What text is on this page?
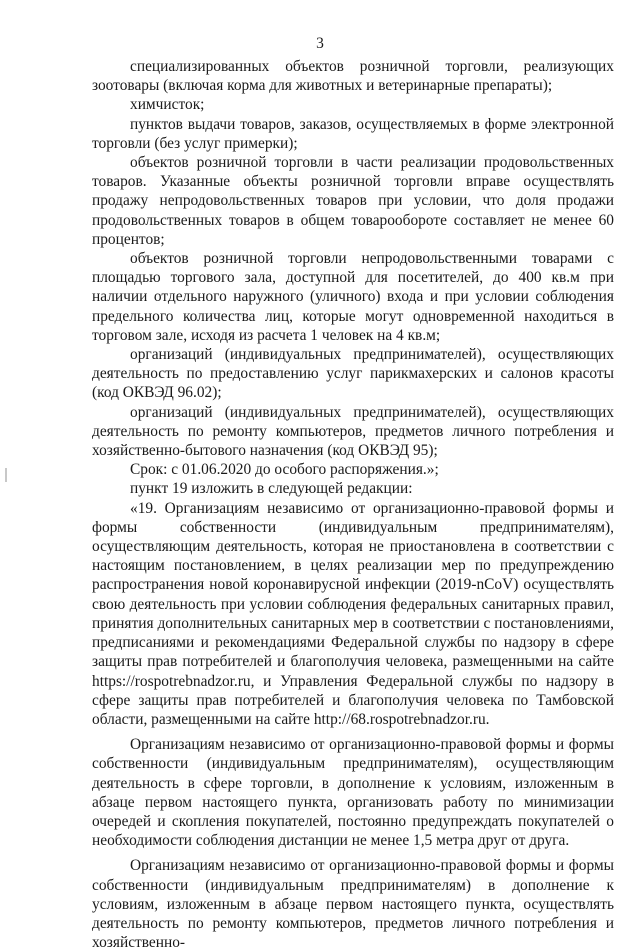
3

специализированных объектов розничной торговли, реализующих зоотовары (включая корма для животных и ветеринарные препараты);

химчисток;

пунктов выдачи товаров, заказов, осуществляемых в форме электронной торговли (без услуг примерки);

объектов розничной торговли в части реализации продовольственных товаров. Указанные объекты розничной торговли вправе осуществлять продажу непродовольственных товаров при условии, что доля продажи продовольственных товаров в общем товарообороте составляет не менее 60 процентов;

объектов розничной торговли непродовольственными товарами с площадью торгового зала, доступной для посетителей, до 400 кв.м при наличии отдельного наружного (уличного) входа и при условии соблюдения предельного количества лиц, которые могут одновременной находиться в торговом зале, исходя из расчета 1 человек на 4 кв.м;

организаций (индивидуальных предпринимателей), осуществляющих деятельность по предоставлению услуг парикмахерских и салонов красоты (код ОКВЭД 96.02);

организаций (индивидуальных предпринимателей), осуществляющих деятельность по ремонту компьютеров, предметов личного потребления и хозяйственно-бытового назначения (код ОКВЭД 95);

Срок: с 01.06.2020 до особого распоряжения.»;

пункт 19 изложить в следующей редакции:

«19. Организациям независимо от организационно-правовой формы и формы собственности (индивидуальным предпринимателям), осуществляющим деятельность, которая не приостановлена в соответствии с настоящим постановлением, в целях реализации мер по предупреждению распространения новой коронавирусной инфекции (2019-nCoV) осуществлять свою деятельность при условии соблюдения федеральных санитарных правил, принятия дополнительных санитарных мер в соответствии с постановлениями, предписаниями и рекомендациями Федеральной службы по надзору в сфере защиты прав потребителей и благополучия человека, размещенными на сайте https://rospotrebnadzor.ru, и Управления Федеральной службы по надзору в сфере защиты прав потребителей и благополучия человека по Тамбовской области, размещенными на сайте http://68.rospotrebnadzor.ru.

Организациям независимо от организационно-правовой формы и формы собственности (индивидуальным предпринимателям), осуществляющим деятельность в сфере торговли, в дополнение к условиям, изложенным в абзаце первом настоящего пункта, организовать работу по минимизации очередей и скопления покупателей, постоянно предупреждать покупателей о необходимости соблюдения дистанции не менее 1,5 метра друг от друга.

Организациям независимо от организационно-правовой формы и формы собственности (индивидуальным предпринимателям) в дополнение к условиям, изложенным в абзаце первом настоящего пункта, осуществлять деятельность по ремонту компьютеров, предметов личного потребления и хозяйственно-
